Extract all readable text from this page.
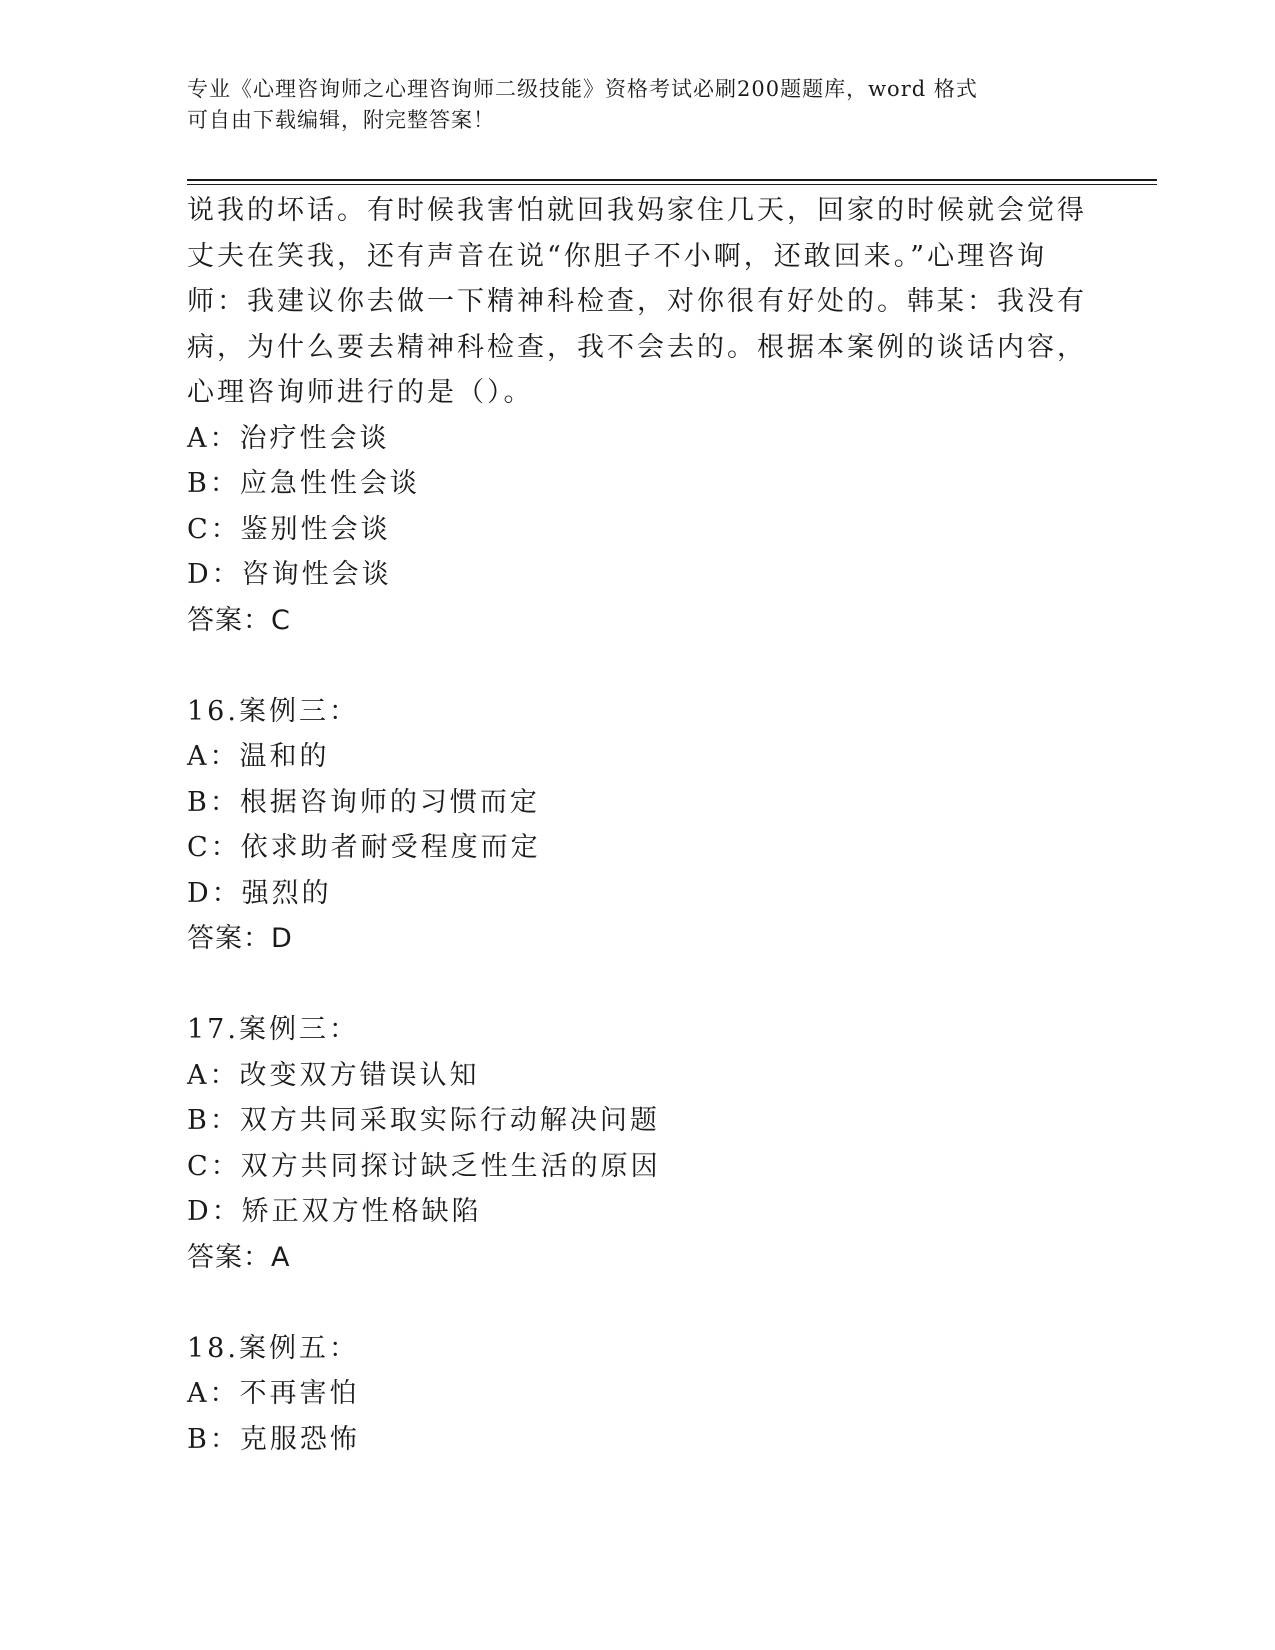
专业《心理咨询师之心理咨询师二级技能》资格考试必刷200题题库，word 格式
可自由下载编辑，附完整答案！
说我的坏话。有时候我害怕就回我妈家住几天，回家的时候就会觉得
丈夫在笑我，还有声音在说“你胆子不小啊，还敢回来。”心理咨询
师：我建议你去做一下精神科检查，对你很有好处的。韩某：我没有
病，为什么要去精神科检查，我不会去的。根据本案例的谈话内容，
心理咨询师进行的是（）。
A：治疗性会谈
B：应急性性会谈
C：鉴别性会谈
D：咨询性会谈
答案：C
16.案例三：
A：温和的
B：根据咨询师的习惯而定
C：依求助者耐受程度而定
D：强烈的
答案：D
17.案例三：
A：改变双方错误认知
B：双方共同采取实际行动解决问题
C：双方共同探讨缺乏性生活的原因
D：矫正双方性格缺陷
答案：A
18.案例五：
A：不再害怕
B：克服恐怖
